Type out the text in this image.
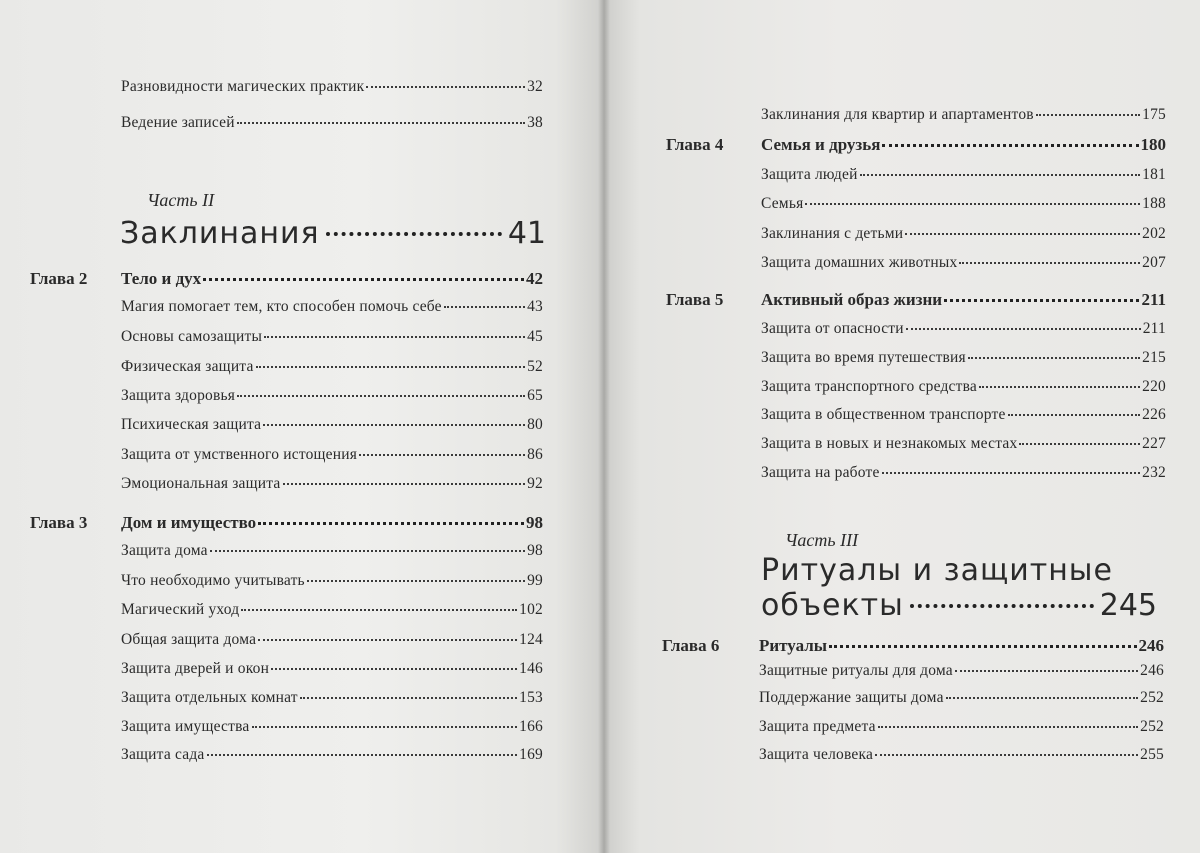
Разновидности магических практик	32
Ведение записей	38
Часть II
Заклинания	41
Глава 2 Тело и дух	42
Магия помогает тем, кто способен помочь себе	43
Основы самозащиты	45
Физическая защита	52
Защита здоровья	65
Психическая защита	80
Защита от умственного истощения	86
Эмоциональная защита	92
Глава 3 Дом и имущество	98
Защита дома	98
Что необходимо учитывать	99
Магический уход	102
Общая защита дома	124
Защита дверей и окон	146
Защита отдельных комнат	153
Защита имущества	166
Защита сада	169
Заклинания для квартир и апартаментов	175
Глава 4 Семья и друзья	180
Защита людей	181
Семья	188
Заклинания с детьми	202
Защита домашних животных	207
Глава 5 Активный образ жизни	211
Защита от опасности	211
Защита во время путешествия	215
Защита транспортного средства	220
Защита в общественном транспорте	226
Защита в новых и незнакомых местах	227
Защита на работе	232
Часть III
Ритуалы и защитные
объекты	245
Глава 6 Ритуалы	246
Защитные ритуалы для дома	246
Поддержание защиты дома	252
Защита предмета	252
Защита человека	255
